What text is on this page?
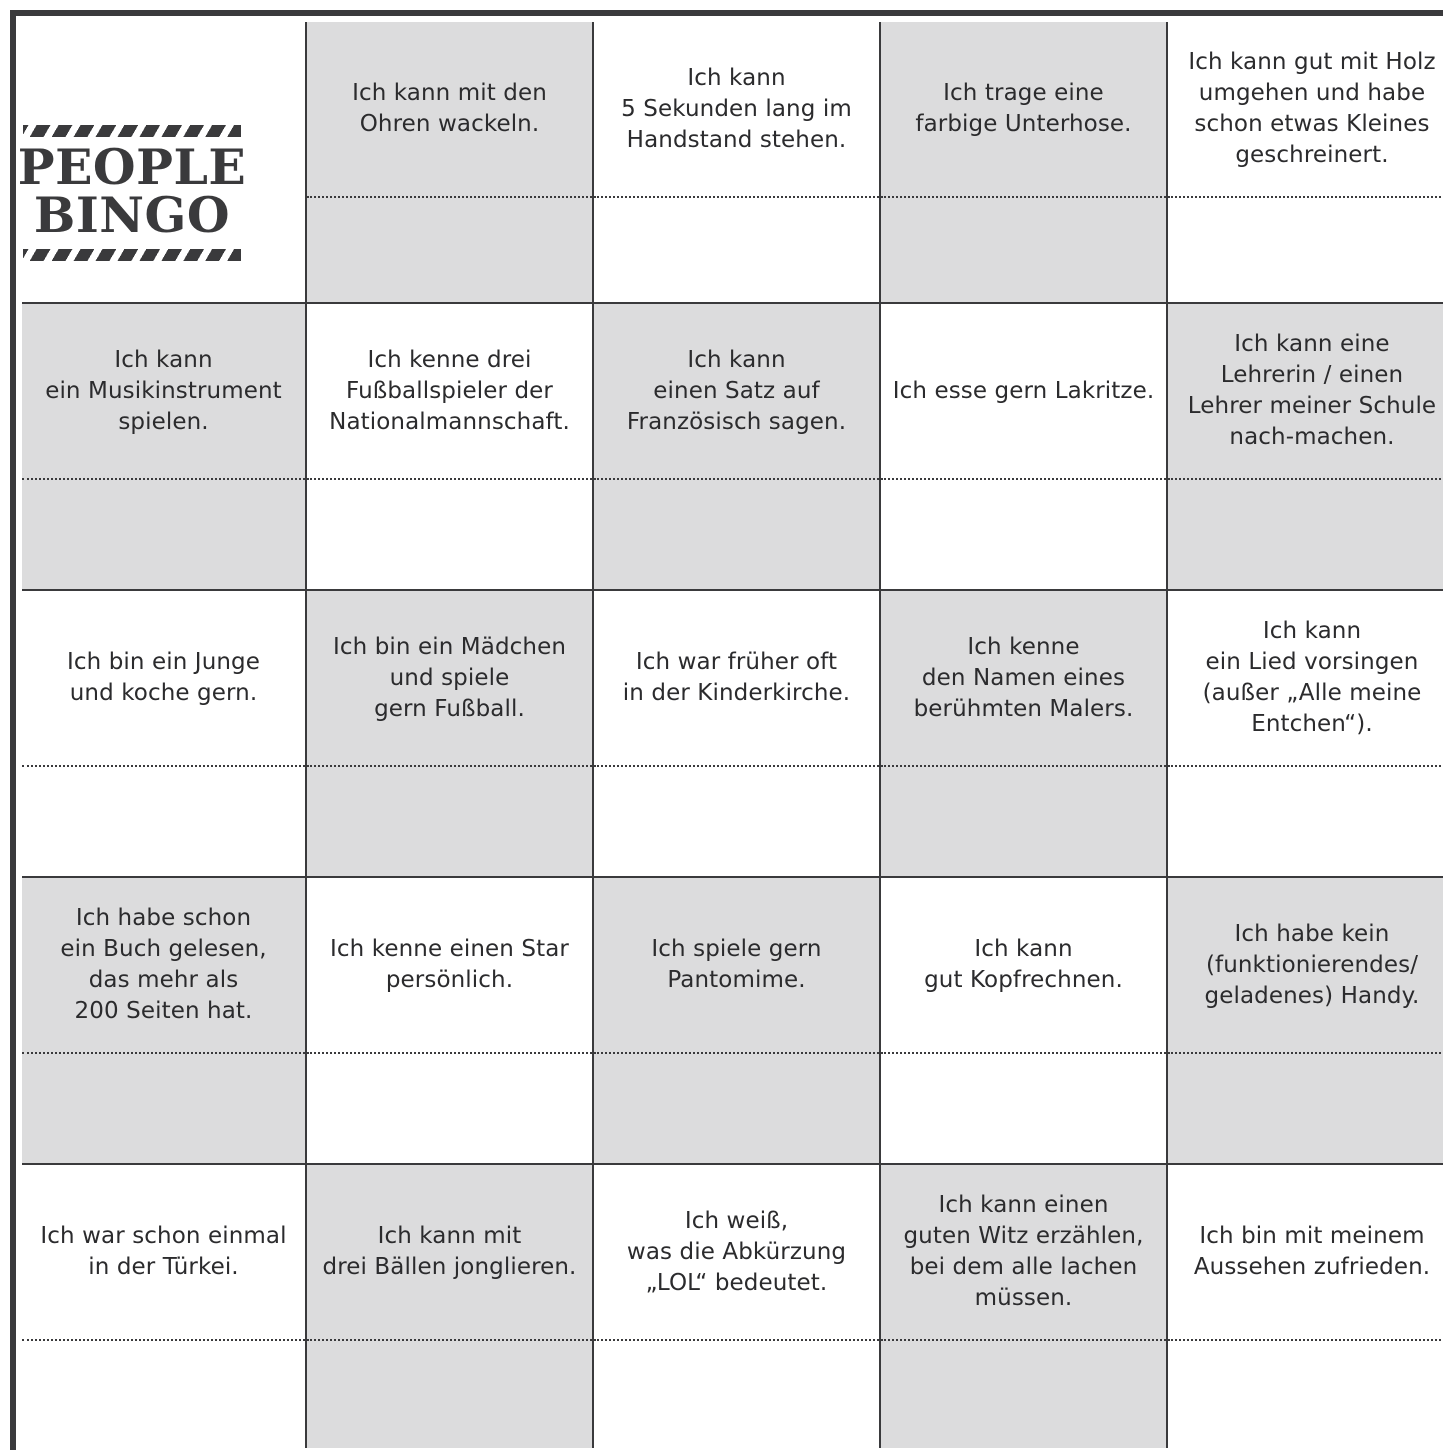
PEOPLE
BINGO
Ich kann mit den
Ohren wackeln.
Ich kann
5 Sekunden lang im
Handstand stehen.
Ich trage eine
farbige Unterhose.
Ich kann gut mit Holz
umgehen und habe
schon etwas Kleines
geschreinert.
Ich kann
ein Musikinstrument
spielen.
Ich kenne drei
Fußballspieler der
Nationalmannschaft.
Ich kann
einen Satz auf
Französisch sagen.
Ich esse gern Lakritze.
Ich kann eine
Lehrerin / einen
Lehrer meiner Schule
nach-machen.
Ich bin ein Junge
und koche gern.
Ich bin ein Mädchen
und spiele
gern Fußball.
Ich war früher oft
in der Kinderkirche.
Ich kenne
den Namen eines
berühmten Malers.
Ich kann
ein Lied vorsingen
(außer „Alle meine
Entchen“).
Ich habe schon
ein Buch gelesen,
das mehr als
200 Seiten hat.
Ich kenne einen Star
persönlich.
Ich spiele gern
Pantomime.
Ich kann
gut Kopfrechnen.
Ich habe kein
(funktionierendes/
geladenes) Handy.
Ich war schon einmal
in der Türkei.
Ich kann mit
drei Bällen jonglieren.
Ich weiß,
was die Abkürzung
„LOL“ bedeutet.
Ich kann einen
guten Witz erzählen,
bei dem alle lachen
müssen.
Ich bin mit meinem
Aussehen zufrieden.
